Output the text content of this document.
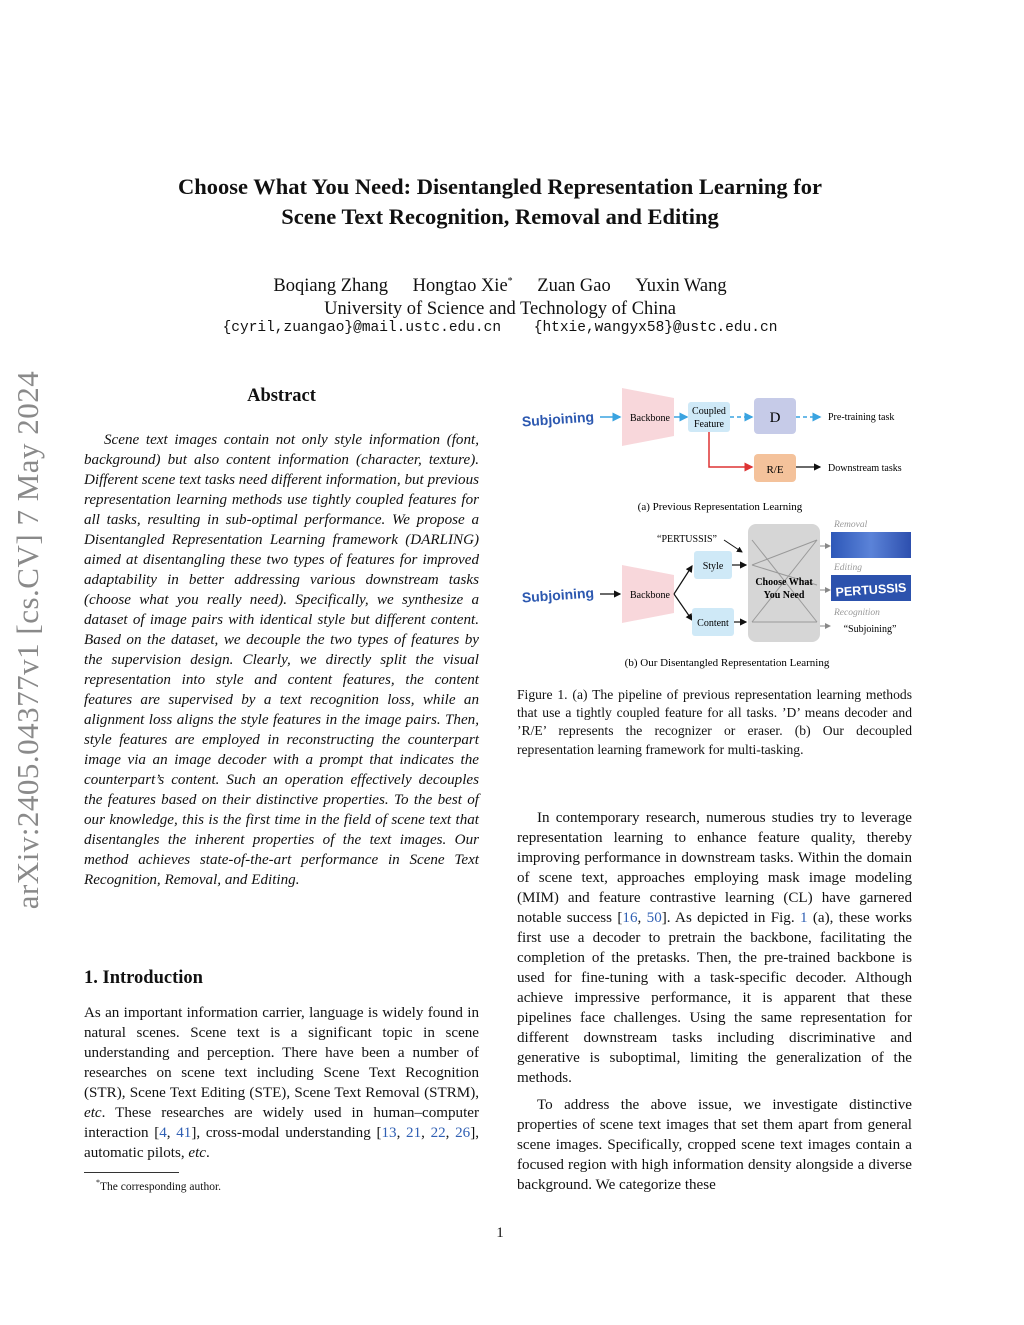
arXiv:2405.04377v1 [cs.CV] 7 May 2024
Choose What You Need: Disentangled Representation Learning for
Scene Text Recognition, Removal and Editing
Boqiang Zhang Hongtao Xie* Zuan Gao Yuxin Wang
University of Science and Technology of China
{cyril,zuangao}@mail.ustc.edu.cn {htxie,wangyx58}@ustc.edu.cn
Abstract
Scene text images contain not only style information (font, background) but also content information (character, texture). Different scene text tasks need different information, but previous representation learning methods use tightly coupled features for all tasks, resulting in sub-optimal performance. We propose a Disentangled Representation Learning framework (DARLING) aimed at disentangling these two types of features for improved adaptability in better addressing various downstream tasks (choose what you really need). Specifically, we synthesize a dataset of image pairs with identical style but different content. Based on the dataset, we decouple the two types of features by the supervision design. Clearly, we directly split the visual representation into style and content features, the content features are supervised by a text recognition loss, while an alignment loss aligns the style features in the image pairs. Then, style features are employed in reconstructing the counterpart image via an image decoder with a prompt that indicates the counterpart’s content. Such an operation effectively decouples the features based on their distinctive properties. To the best of our knowledge, this is the first time in the field of scene text that disentangles the inherent properties of the text images. Our method achieves state-of-the-art performance in Scene Text Recognition, Removal, and Editing.
1. Introduction
As an important information carrier, language is widely found in natural scenes. Scene text is a significant topic in scene understanding and perception. There have been a number of researches on scene text including Scene Text Recognition (STR), Scene Text Editing (STE), Scene Text Removal (STRM), etc. These researches are widely used in human–computer interaction [4, 41], cross-modal understanding [13, 21, 22, 26], automatic pilots, etc.
*The corresponding author.
1
Subjoining	Backbone
Coupled
Feature	D	Pre-training task
R/E	Downstream tasks
(a) Previous Representation Learning
“PERTUSSIS”
Subjoining	Backbone
Style
Content
Choose What
You Need
Removal
Editing
PERTUSSIS
Recognition
“Subjoining”
(b) Our Disentangled Representation Learning
Figure 1. (a) The pipeline of previous representation learning methods that use a tightly coupled feature for all tasks. ’D’ means decoder and ’R/E’ represents the recognizer or eraser. (b) Our decoupled representation learning framework for multi-tasking.

In contemporary research, numerous studies try to leverage representation learning to enhance feature quality, thereby improving performance in downstream tasks. Within the domain of scene text, approaches employing mask image modeling (MIM) and feature contrastive learning (CL) have garnered notable success [16, 50]. As depicted in Fig. 1 (a), these works first use a decoder to pretrain the backbone, facilitating the completion of the pretasks. Then, the pre-trained backbone is used for fine-tuning with a task-specific decoder. Although achieve impressive performance, it is apparent that these pipelines face challenges. Using the same representation for different downstream tasks including discriminative and generative is suboptimal, limiting the generalization of the methods.

To address the above issue, we investigate distinctive properties of scene text images that set them apart from general scene images. Specifically, cropped scene text images contain a focused region with high information density alongside a diverse background. We categorize these
